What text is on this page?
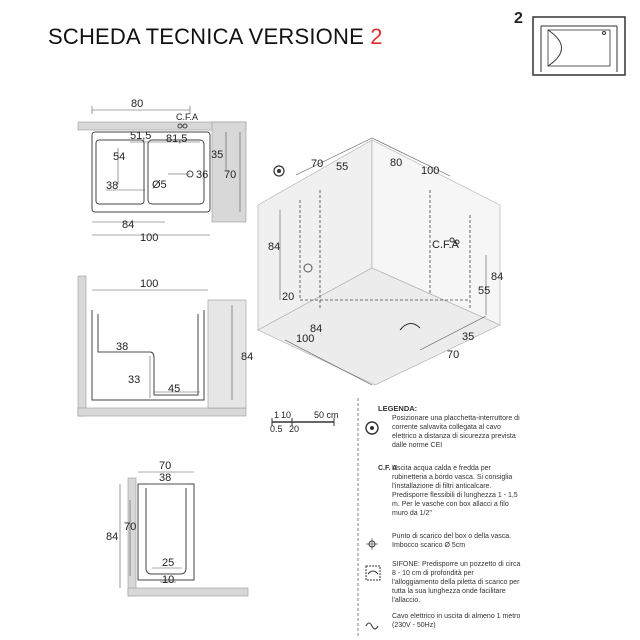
SCHEDA TECNICA VERSIONE 2
2
80
C.F.A
51,5 81,5
54	35
70
38	Ø5
36
84
100
100
38
33
45
84
70
38
70
84
25
10
70 55	80
100
C.F.A
84
20
84
100	35
70
84
55
1 10	50 cm
0.5 20
LEGENDA:
Posizionare una placchetta-interruttore di corrente salvavita collegata al cavo elettrico a distanza di sicurezza prevista dalle norme CEI
C.F. A
Uscita acqua calda e fredda per rubinetteria a bordo vasca. Si consiglia l'installazione di filtri anticalcare. Predisporre flessibili di lunghezza 1 - 1,5 m. Per le vasche con box allacci a filo muro da 1/2"
Punto di scarico del box o della vasca. Imbocco scarico Ø 5cm
SIFONE: Predisporre un pozzetto di circa 8 - 10 cm di profondità per l'alloggiamento della piletta di scarico per tutta la sua lunghezza onde facilitare l'allaccio.
Cavo elettrico in uscita di almeno 1 metro (230V - 50Hz)
